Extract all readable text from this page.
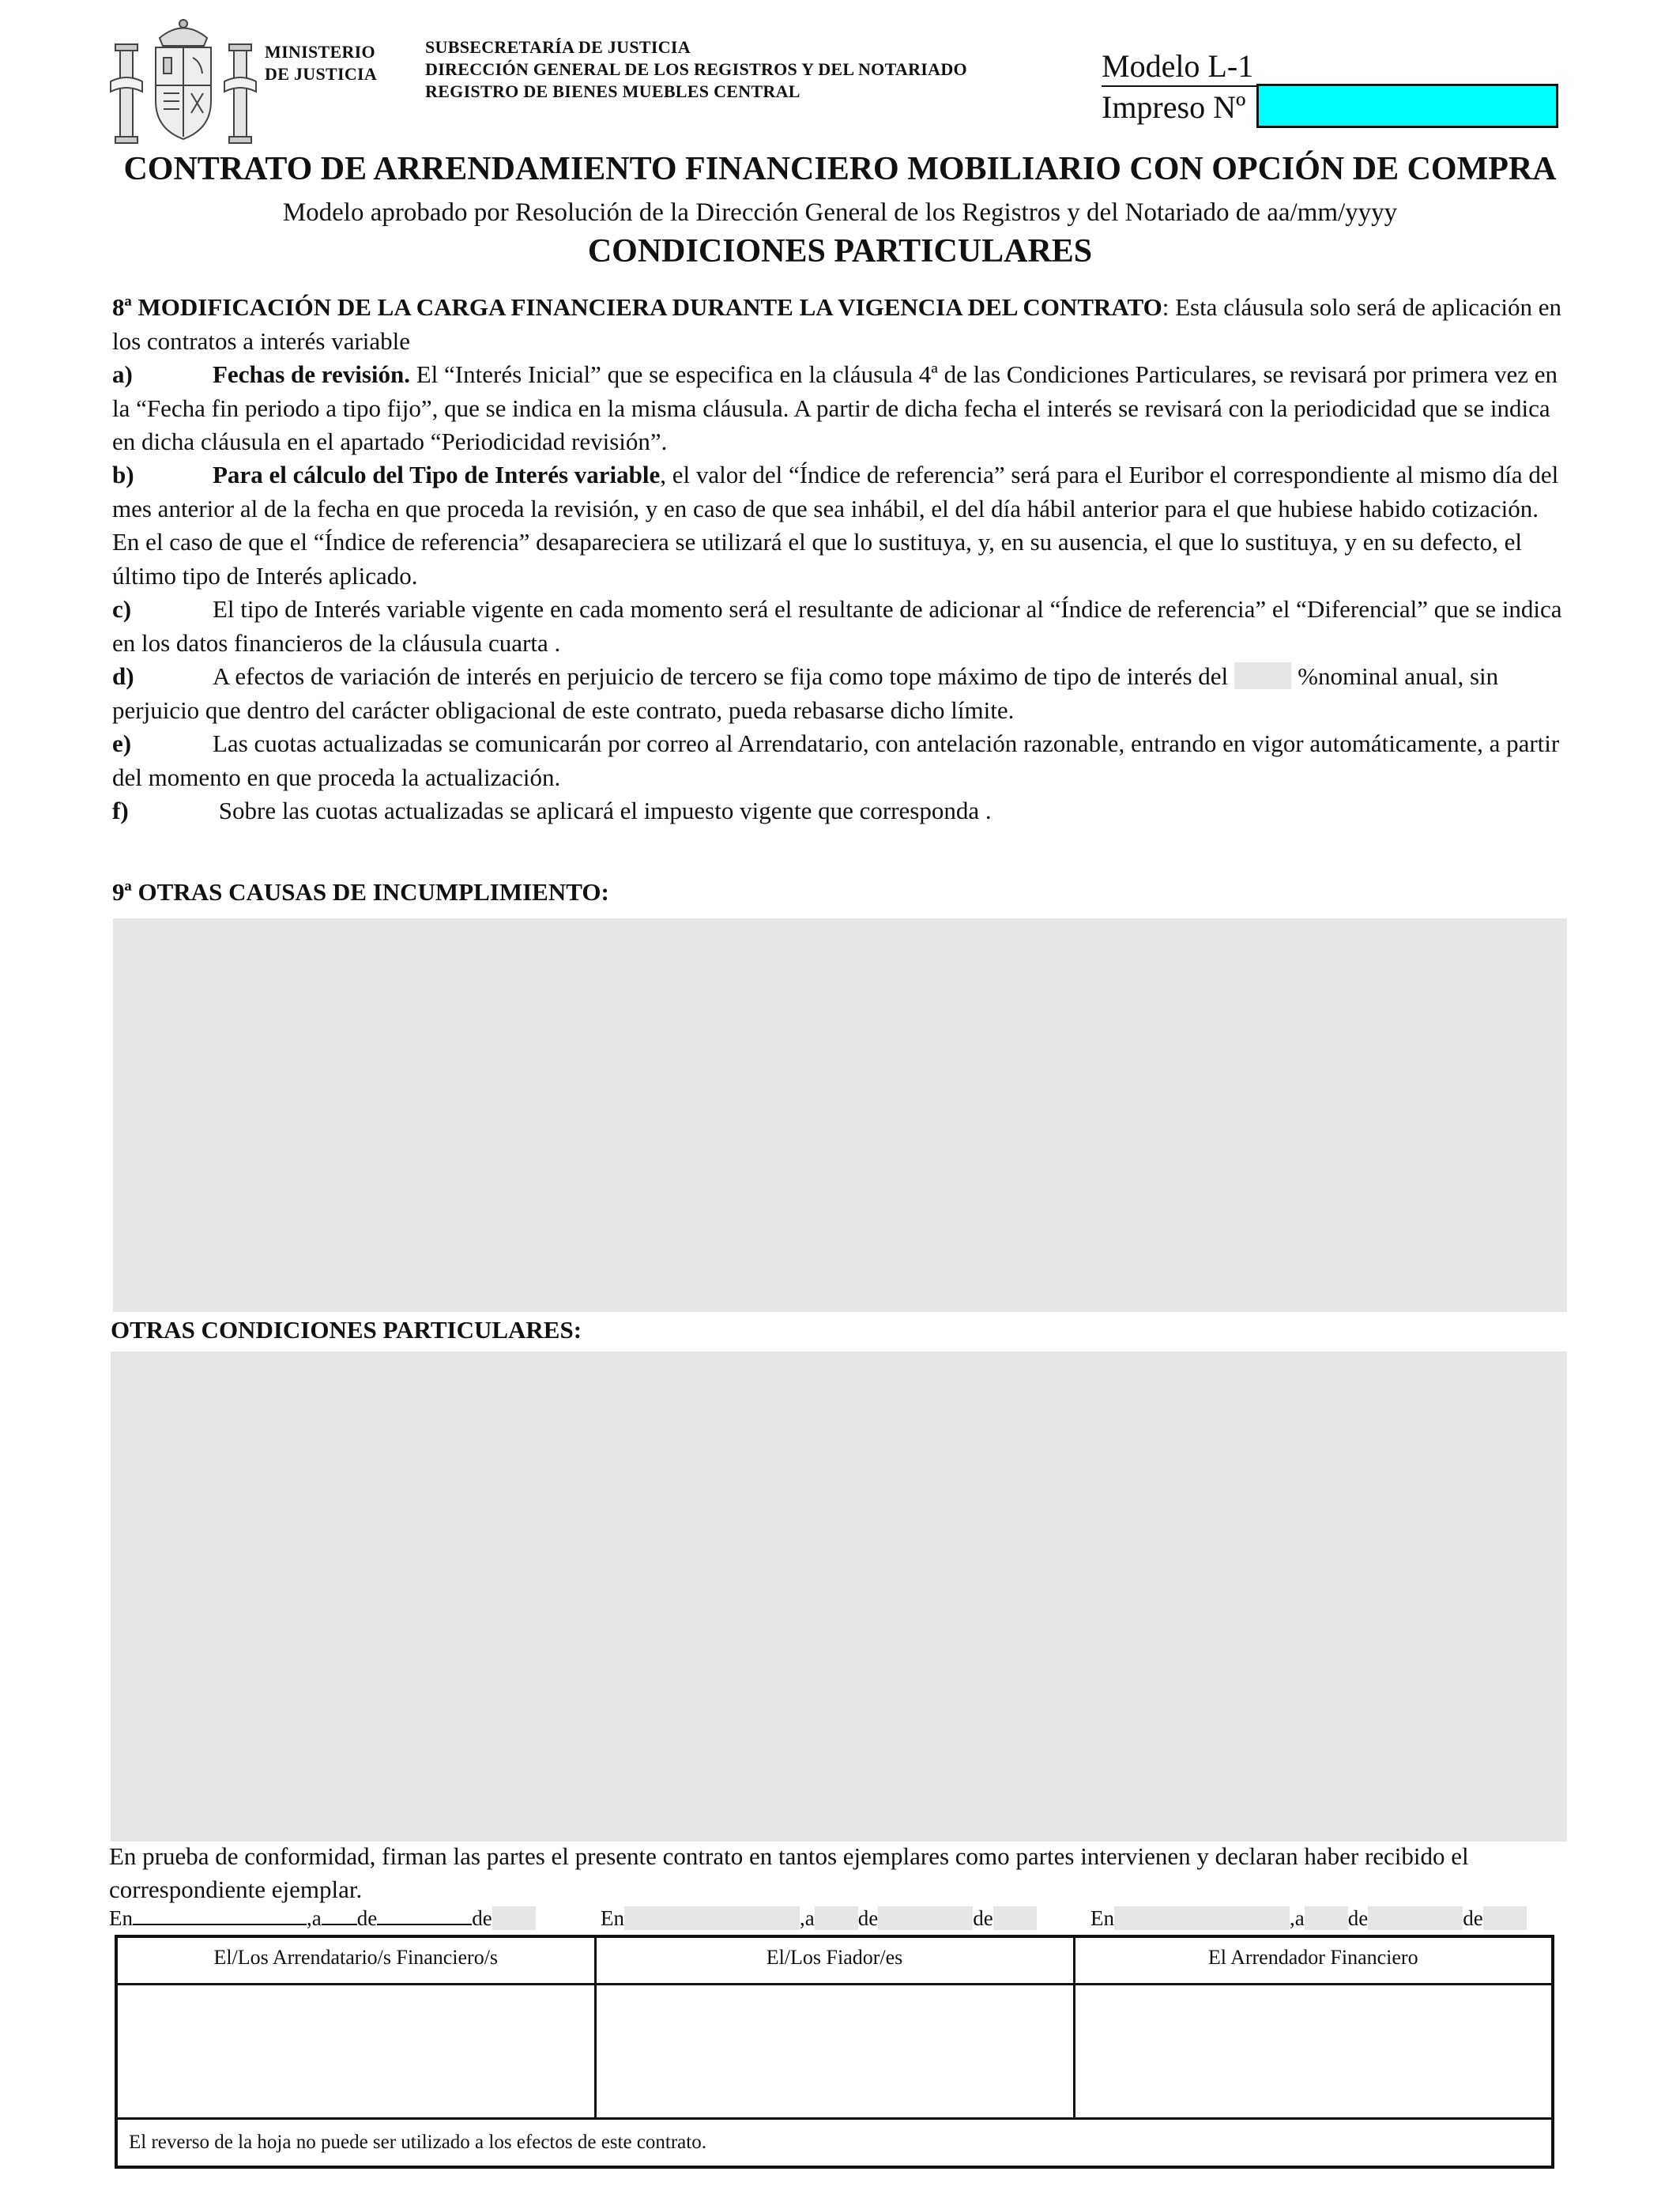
MINISTERIO
DE JUSTICIA
SUBSECRETARÍA DE JUSTICIA
DIRECCIÓN GENERAL DE LOS REGISTROS Y DEL NOTARIADO
REGISTRO DE BIENES MUEBLES CENTRAL
Modelo L-1
Impreso Nº
CONTRATO DE ARRENDAMIENTO FINANCIERO MOBILIARIO CON OPCIÓN DE COMPRA
Modelo aprobado por Resolución de la Dirección General de los Registros y del Notariado de aa/mm/yyyy
CONDICIONES PARTICULARES
8ª MODIFICACIÓN DE LA CARGA FINANCIERA DURANTE LA VIGENCIA DEL CONTRATO: Esta cláusula solo será de aplicación en los contratos a interés variable
a)	Fechas de revisión. El “Interés Inicial” que se especifica en la cláusula 4ª de las Condiciones Particulares, se revisará por primera vez en la “Fecha fin periodo a tipo fijo”, que se indica en la misma cláusula. A partir de dicha fecha el interés se revisará con la periodicidad que se indica en dicha cláusula en el apartado “Periodicidad revisión”.
b)	Para el cálculo del Tipo de Interés variable, el valor del “Índice de referencia” será para el Euribor el correspondiente al mismo día del mes anterior al de la fecha en que proceda la revisión, y en caso de que sea inhábil, el del día hábil anterior para el que hubiese habido cotización. En el caso de que el “Índice de referencia” desapareciera se utilizará el que lo sustituya, y, en su ausencia, el que lo sustituya, y en su defecto, el último tipo de Interés aplicado.
c)	El tipo de Interés variable vigente en cada momento será el resultante de adicionar al “Índice de referencia” el “Diferencial” que se indica en los datos financieros de la cláusula cuarta .
d)	A efectos de variación de interés en perjuicio de tercero se fija como tope máximo de tipo de interés del	%nominal anual, sin perjuicio que dentro del carácter obligacional de este contrato, pueda rebasarse dicho límite.
e)	Las cuotas actualizadas se comunicarán por correo al Arrendatario, con antelación razonable, entrando en vigor automáticamente, a partir del momento en que proceda la actualización.
f)	Sobre las cuotas actualizadas se aplicará el impuesto vigente que corresponda .
9ª OTRAS CAUSAS DE INCUMPLIMIENTO:
OTRAS CONDICIONES PARTICULARES:
En prueba de conformidad, firman las partes el presente contrato en tantos ejemplares como partes intervienen y declaran haber recibido el correspondiente ejemplar.
En	,a de	de	En	,a de	de	En	,a de	de
El/Los Arrendatario/s Financiero/s	El/Los Fiador/es	El Arrendador Financiero

El reverso de la hoja no puede ser utilizado a los efectos de este contrato.		
